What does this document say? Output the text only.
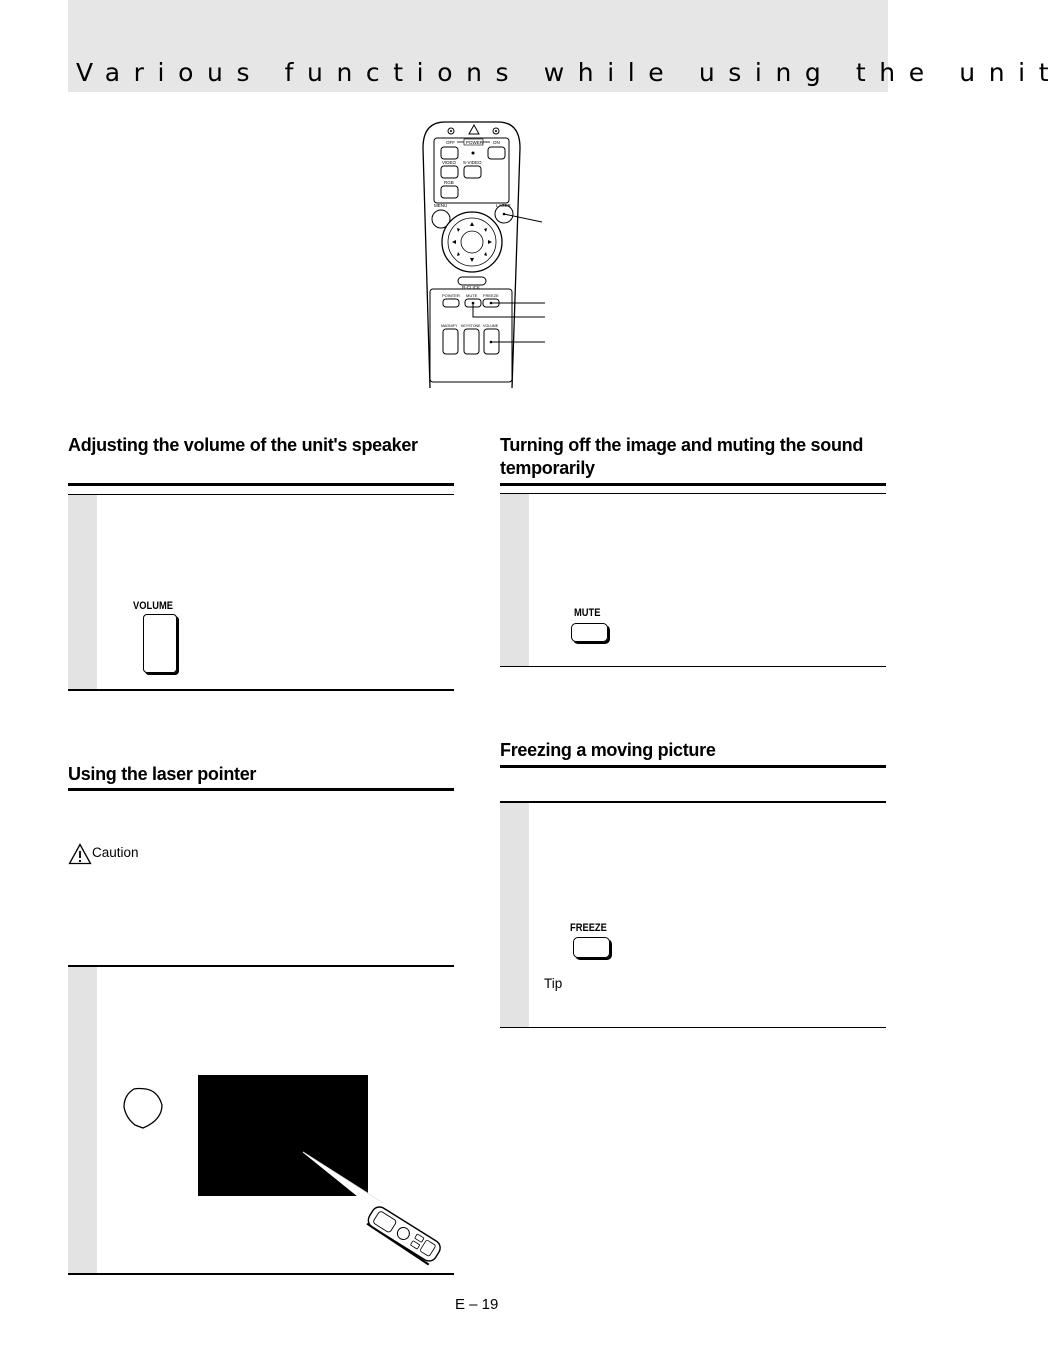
Various functions while using the unit
OFF POWER ON
VIDEO S-VIDEO
RGB
MENU	LASER
R-CLICK
POINTER MUTE FREEZE
MAGNIFY KEYSTONE VOLUME
Adjusting the volume of the unit's speaker
VOLUME
Using the laser pointer
Caution
Turning off the image and muting the sound temporarily
MUTE
Freezing a moving picture
FREEZE
Tip
E – 19
